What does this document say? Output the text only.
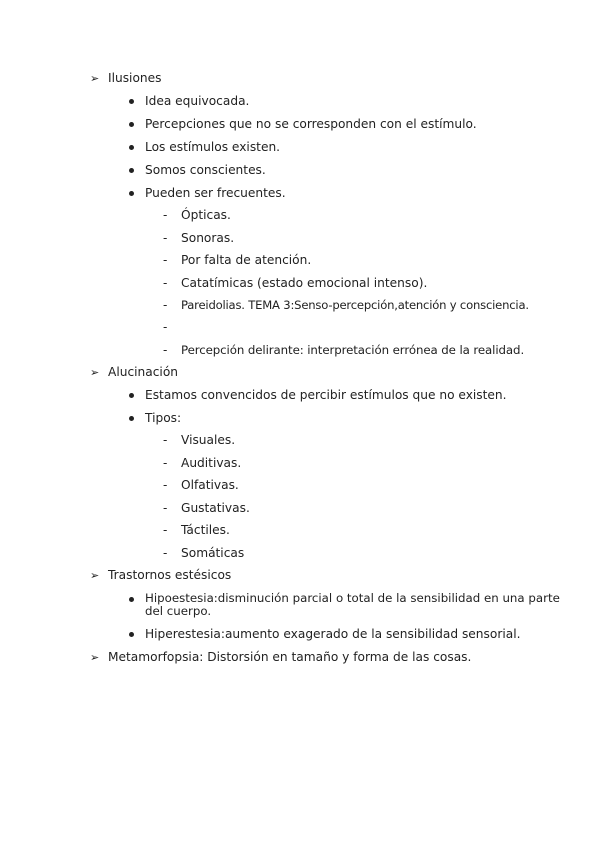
➢ Ilusiones
Idea equivocada.
Percepciones que no se corresponden con el estímulo.
Los estímulos existen.
Somos conscientes.
Pueden ser frecuentes.
- Ópticas.
- Sonoras.
- Por falta de atención.
- Catatímicas (estado emocional intenso).
- Pareidolias. TEMA 3:Senso-percepción,atención y consciencia.
-
- Percepción delirante: interpretación errónea de la realidad.
➢ Alucinación
Estamos convencidos de percibir estímulos que no existen.
Tipos:
- Visuales.
- Auditivas.
- Olfativas.
- Gustativas.
- Táctiles.
- Somáticas
➢ Trastornos estésicos
Hipoestesia:disminución parcial o total de la sensibilidad en una parte del cuerpo.
Hiperestesia:aumento exagerado de la sensibilidad sensorial.
➢ Metamorfopsia: Distorsión en tamaño y forma de las cosas.
